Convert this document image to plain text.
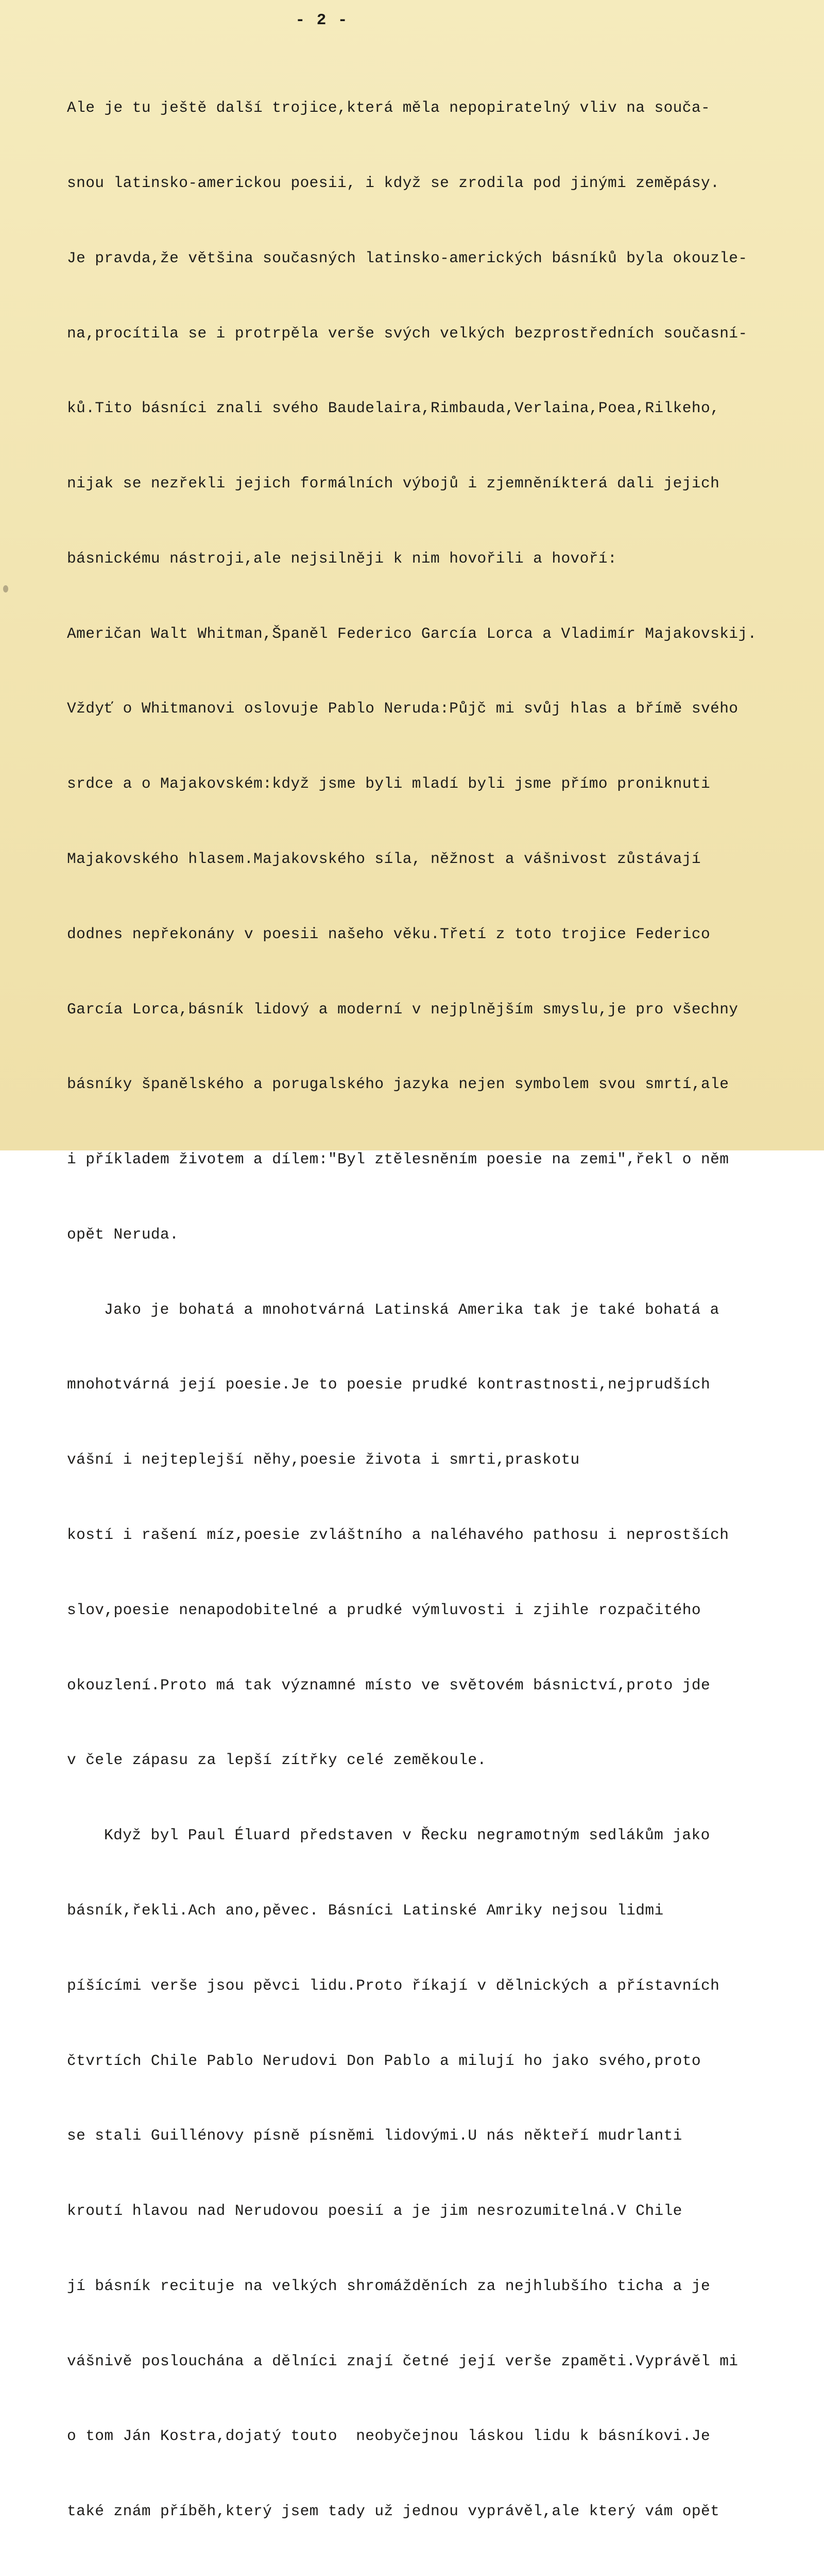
- 2 -

Ale je tu ještě další trojice,která měla nepopiratelný vliv na souča-

snou latinsko-americkou poesii, i když se zrodila pod jinými zeměpásy.

Je pravda,že většina současných latinsko-amerických básníků byla okouzle-

na,procítila se i protrpěla verše svých velkých bezprostředních současní-

ků.Tito básníci znali svého Baudelaira,Rimbauda,Verlaina,Poea,Rilkeho,

nijak se nezřekli jejich formálních výbojů i zjemněníkterá dali jejich

básnickému nástroji,ale nejsilněji k nim hovořili a hovoří:

Američan Walt Whitman,Španěl Federico García Lorca a Vladimír Majakovskij.

Vždyť o Whitmanovi oslovuje Pablo Neruda:Půjč mi svůj hlas a břímě svého

srdce a o Majakovském:když jsme byli mladí byli jsme přímo proniknuti

Majakovského hlasem.Majakovského síla, něžnost a vášnivost zůstávají

dodnes nepřekonány v poesii našeho věku.Třetí z toto trojice Federico

García Lorca,básník lidový a moderní v nejplnějším smyslu,je pro všechny

básníky španělského a porugalského jazyka nejen symbolem svou smrtí,ale

i příkladem životem a dílem:"Byl ztělesněním poesie na zemi",řekl o něm

opět Neruda.

Jako je bohatá a mnohotvárná Latinská Amerika tak je také bohatá a

mnohotvárná její poesie.Je to poesie prudké kontrastnosti,nejprudších

vášní i nejteplejší něhy,poesie života i smrti,praskotu

kostí i rašení míz,poesie zvláštního a naléhavého pathosu i neprostších

slov,poesie nenapodobitelné a prudké výmluvosti i zjihle rozpačitého

okouzlení.Proto má tak významné místo ve světovém básnictví,proto jde

v čele zápasu za lepší zítřky celé zeměkoule.

Když byl Paul Éluard představen v Řecku negramotným sedlákům jako

básník,řekli.Ach ano,pěvec. Básníci Latinské Amriky nejsou lidmi

píšícími verše jsou pěvci lidu.Proto říkají v dělnických a přístavních

čtvrtích Chile Pablo Nerudovi Don Pablo a milují ho jako svého,proto

se stali Guillénovy písně písněmi lidovými.U nás někteří mudrlanti

kroutí hlavou nad Nerudovou poesií a je jim nesrozumitelná.V Chile

jí básník recituje na velkých shromážděních za nejhlubšího ticha a je

vášnivě poslouchána a dělníci znají četné její verše zpaměti.Vyprávěl mi

o tom Ján Kostra,dojatý touto  neobyčejnou láskou lidu k básníkovi.Je

také znám příběh,který jsem tady už jednou vyprávěl,ale který vám opět
